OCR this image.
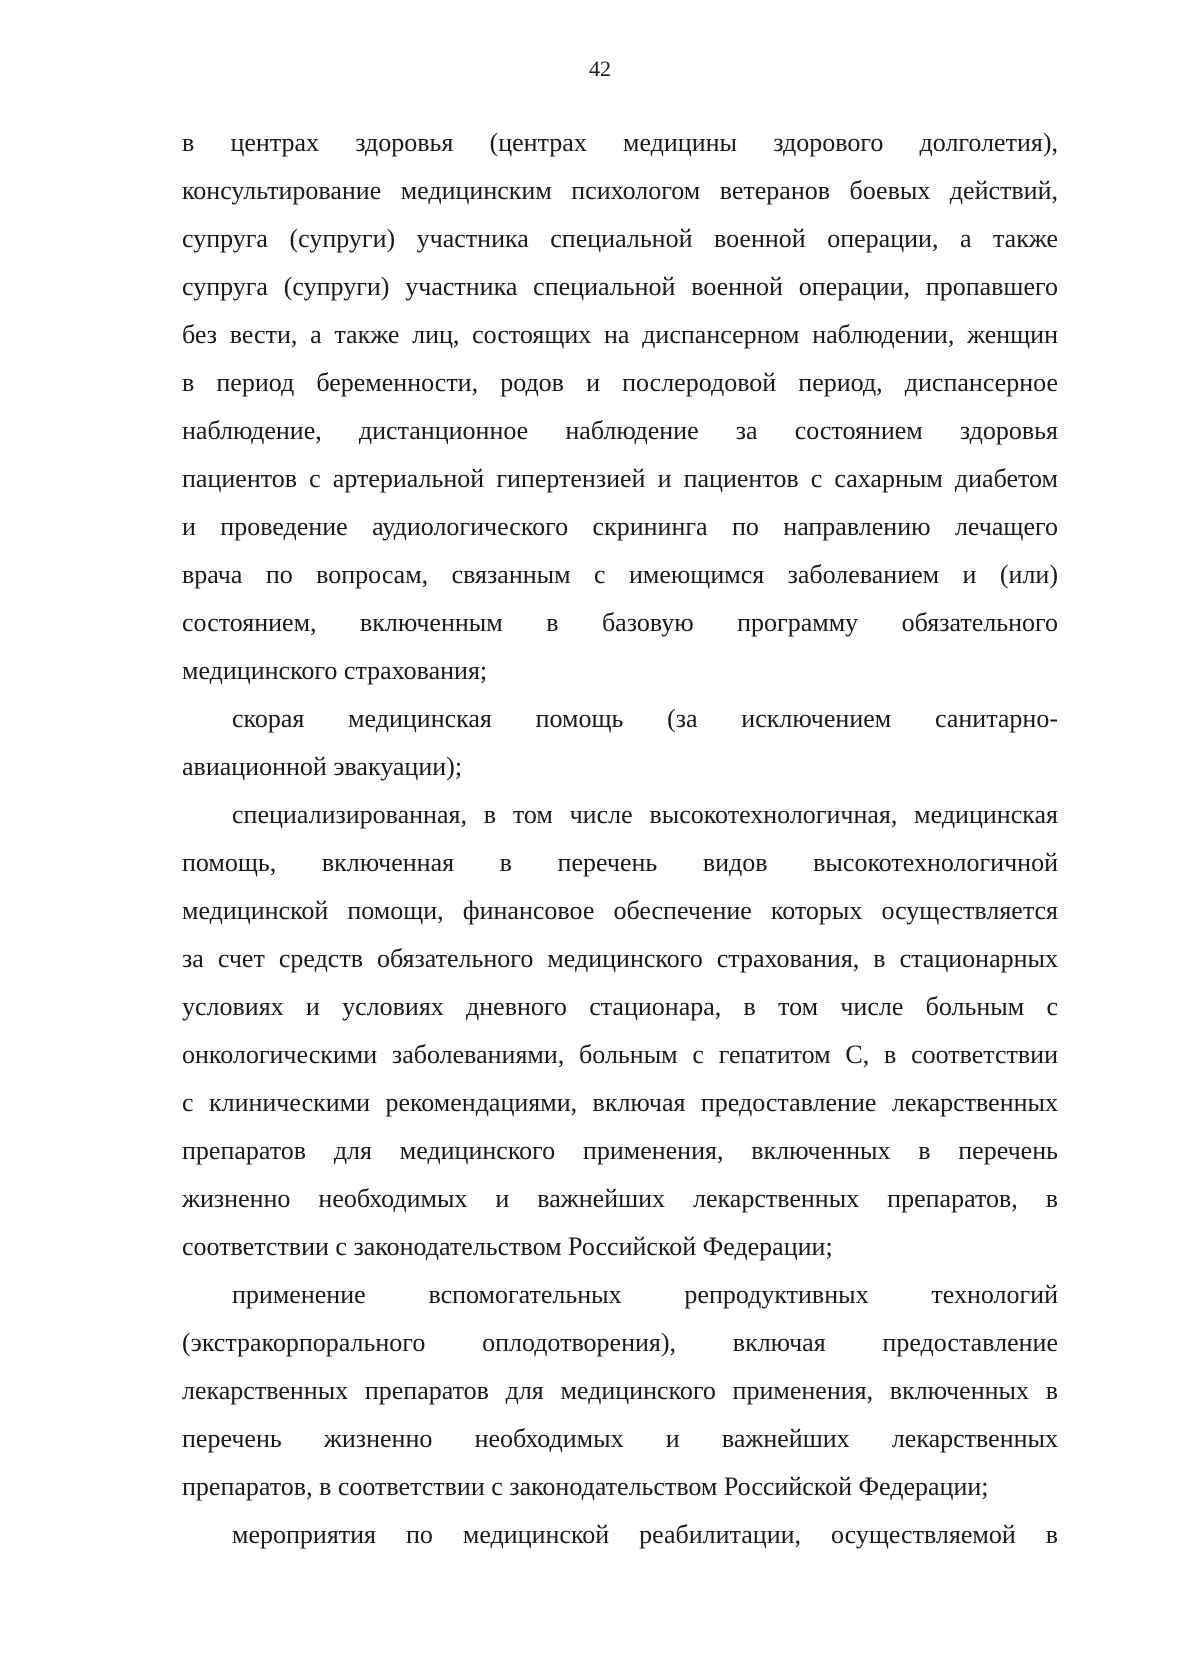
42
в центрах здоровья (центрах медицины здорового долголетия),
консультирование медицинским психологом ветеранов боевых действий,
супруга (супруги) участника специальной военной операции, а также
супруга (супруги) участника специальной военной операции, пропавшего
без вести, а также лиц, состоящих на диспансерном наблюдении, женщин
в период беременности, родов и послеродовой период, диспансерное
наблюдение, дистанционное наблюдение за состоянием здоровья
пациентов с артериальной гипертензией и пациентов с сахарным диабетом
и проведение аудиологического скрининга по направлению лечащего
врача по вопросам, связанным с имеющимся заболеванием и (или)
состоянием, включенным в базовую программу обязательного
медицинского страхования;
скорая медицинская помощь (за исключением санитарно-
авиационной эвакуации);
специализированная, в том числе высокотехнологичная, медицинская
помощь, включенная в перечень видов высокотехнологичной
медицинской помощи, финансовое обеспечение которых осуществляется
за счет средств обязательного медицинского страхования, в стационарных
условиях и условиях дневного стационара, в том числе больным с
онкологическими заболеваниями, больным с гепатитом С, в соответствии
с клиническими рекомендациями, включая предоставление лекарственных
препаратов для медицинского применения, включенных в перечень
жизненно необходимых и важнейших лекарственных препаратов, в
соответствии с законодательством Российской Федерации;
применение вспомогательных репродуктивных технологий
(экстракорпорального оплодотворения), включая предоставление
лекарственных препаратов для медицинского применения, включенных в
перечень жизненно необходимых и важнейших лекарственных
препаратов, в соответствии с законодательством Российской Федерации;
мероприятия по медицинской реабилитации, осуществляемой в
